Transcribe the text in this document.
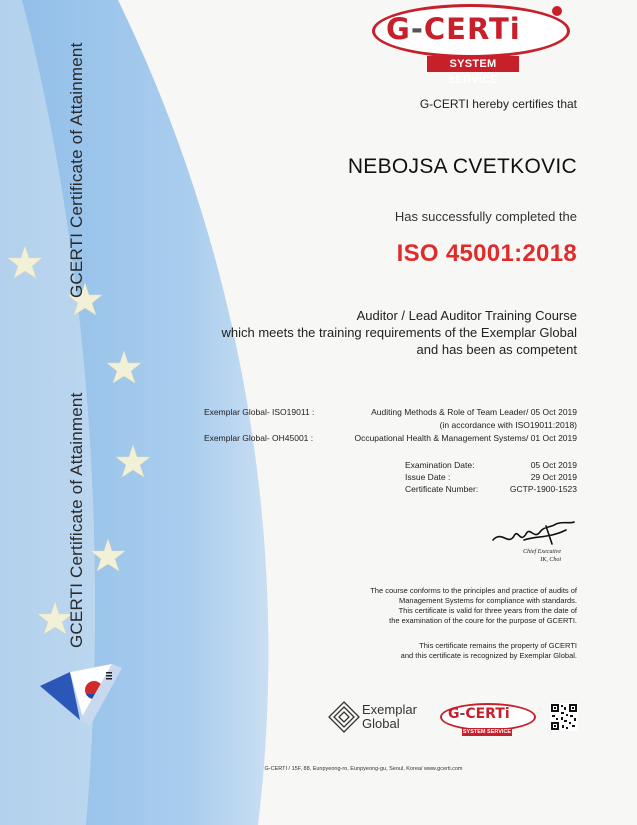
GCERTI Certificate of Attainment
GCERTI Certificate of Attainment
G-CERTi
SYSTEM SERVICE
G-CERTI hereby certifies that
NEBOJSA CVETKOVIC
Has successfully completed the
ISO 45001:2018
Auditor / Lead Auditor Training Course
which meets the training requirements of the Exemplar Global
and has been as competent
Exemplar Global- ISO19011 :	Auditing Methods & Role of Team Leader/ 05 Oct 2019
(in accordance with ISO19011:2018)
Exemplar Global- OH45001 :	Occupational Health & Management Systems/ 01 Oct 2019
Examination Date:	05 Oct 2019
Issue Date :	29 Oct 2019
Certificate Number:	GCTP-1900-1523
Chief Executive
IK, Choi
The course conforms to the principles and practice of audits of
Management Systems for compliance with standards.
This certificate is valid for three years from the date of
the examination of the coure for the purpose of GCERTI.
This certificate remains the property of GCERTI
and this certificate is recognized by Exemplar Global.
Exemplar
Global
G-CERTi
SYSTEM SERVICE
G-CERTI / 15F, 88, Eunpyeong-ro, Eunpyeong-gu, Seoul, Korea/ www.gcerti.com
